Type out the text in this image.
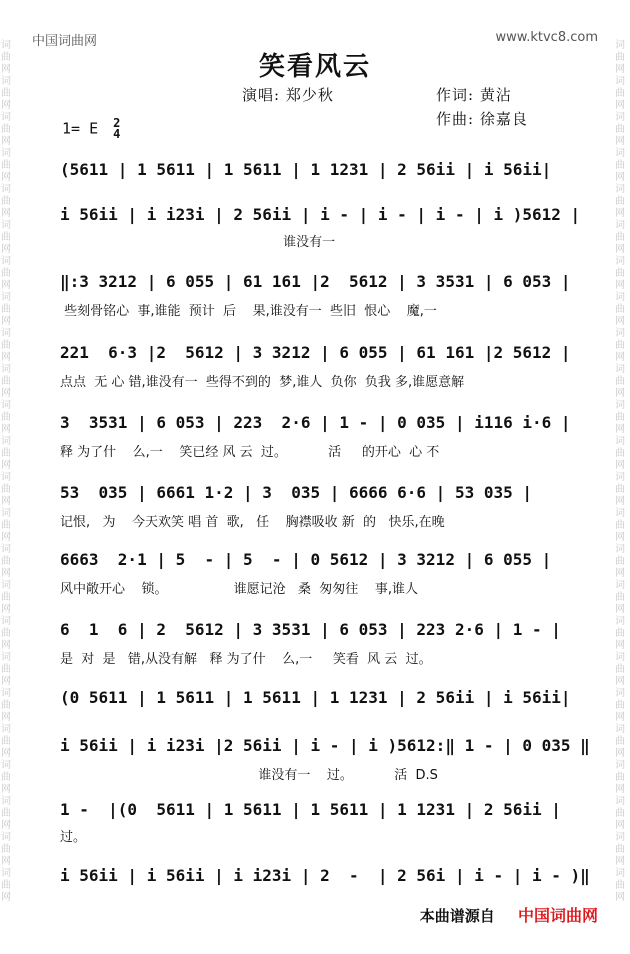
词曲网词曲网词曲网词曲网词曲网词曲网词曲网词曲网词曲网词曲网词曲网词曲网词曲网词曲网词曲网词曲网词曲网词曲网词曲网词曲网词曲网词曲网词曲网词曲网
词曲网词曲网词曲网词曲网词曲网词曲网词曲网词曲网词曲网词曲网词曲网词曲网词曲网词曲网词曲网词曲网词曲网词曲网词曲网词曲网词曲网词曲网词曲网词曲网
中国词曲网	www.ktvc8.com
笑看风云
演唱: 郑少秋	作词: 黄沾
作曲: 徐嘉良
1= E 2
4
(5611 | 1 5611 | 1 5611 | 1 1231 | 2 56ii | i 56ii|
i 56ii | i i23i | 2 56ii | i - | i - | i - | i )5612 |
谁没有一
‖:3 3212 | 6 055 | 61 161 |2  5612 | 3 3531 | 6 053 |
些刻骨铭心  事,谁能  预计  后    果,谁没有一  些旧  恨心    魔,一
221  6·3 |2  5612 | 3 3212 | 6 055 | 61 161 |2 5612 |
点点  无 心 错,谁没有一  些得不到的  梦,谁人  负你  负我 多,谁愿意解
3  3531 | 6 053 | 223  2·6 | 1 - | 0 035 | i116 i·6 |
释 为了什    么,一    笑已经 风 云  过。          活     的开心  心 不
53  035 | 6661 1·2 | 3  035 | 6666 6·6 | 53 035 |
记恨,   为    今天欢笑 唱 首  歌,   任    胸襟吸收 新  的   快乐,在晚
6663  2·1 | 5  - | 5  - | 0 5612 | 3 3212 | 6 055 |
风中敞开心    锁。                谁愿记沧   桑  匆匆往    事,谁人
6  1  6 | 2  5612 | 3 3531 | 6 053 | 223 2·6 | 1 - |
是  对  是   错,从没有解   释 为了什    么,一     笑看  风 云  过。
(0 5611 | 1 5611 | 1 5611 | 1 1231 | 2 56ii | i 56ii|
i 56ii | i i23i |2 56ii | i - | i )5612:‖ 1 - | 0 035 ‖
谁没有一    过。          活  D.S
1 -  |(0  5611 | 1 5611 | 1 5611 | 1 1231 | 2 56ii |
过。
i 56ii | i 56ii | i i23i | 2  -  | 2 56i | i - | i - )‖
本曲谱源自 中国词曲网
